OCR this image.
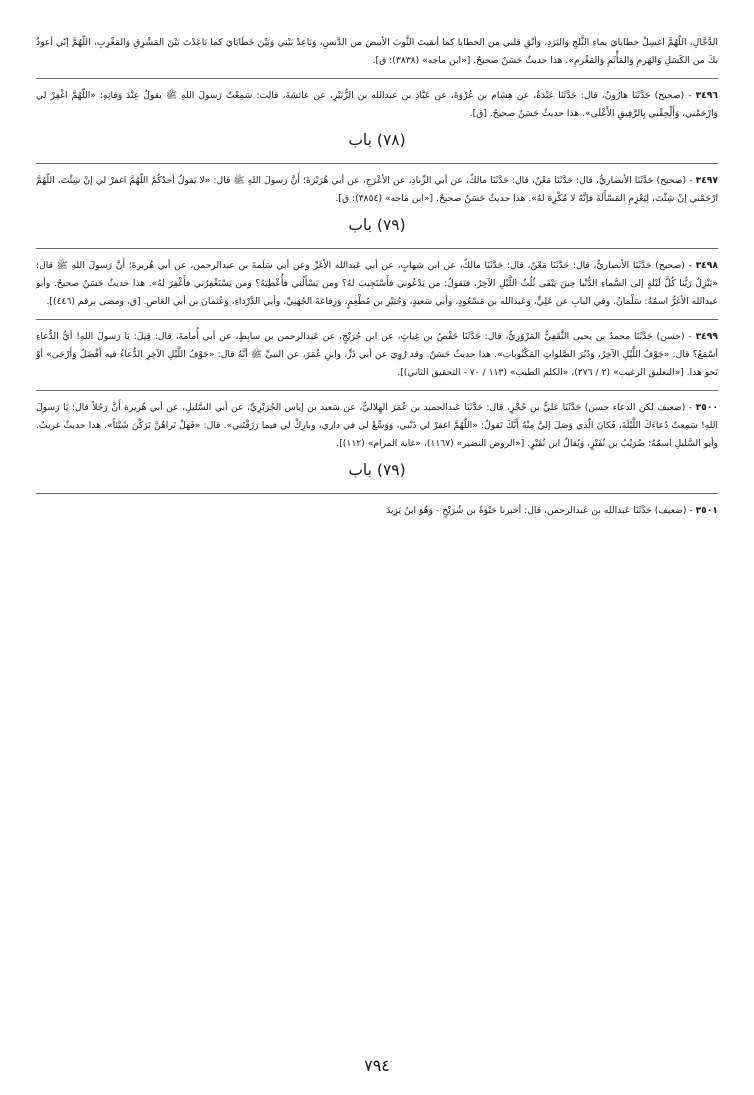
الدَّجَّالِ، اللّهُمَّ اغسِلْ خطايايَ بماءِ الثَّلجِ وَالبَرَدِ، وَأنْقِ قلبي من الخطايا كما أنقيتَ الثَّوبَ الأبيضَ من الدَّنسِ، وَبَاعِدْ بَيْني وَبَيْنَ خَطَايَايَ كما بَاعَدْتَ بَيْنَ المَشْرِقِ وَالمَغْرِبِ، اللّهُمَّ إنّي أعوذُ بكَ من الكَسَلِ وَالهَرمِ وَالمَأْثَمِ وَالمَغْرمِ». هذا حديثٌ حَسَنٌ صحيحٌ. [«ابن ماجه» (٣٨٣٨): ق].

٣٤٩٦ - (صحيح) حَدَّثَنَا هارُونُ، قال: حَدَّثَنَا عَبْدَةُ، عن هِشام بن عُرْوَةَ، عن عَبَّادِ بن عبدالله بن الزُّبَيْرِ، عن عائشةَ، قالت: سَمِعْتُ رَسولَ اللهِ ﷺ يقولُ عِنْدَ وَفاتِهِ: «اللّهُمَّ اغْفِرْ لي وَارْحَمْني، وَأَلْحِقْني بِالرَّفِيقِ الأَعْلَى». هذا حديثٌ حَسَنٌ صحيحٌ. [ق].

(٧٨) باب

٣٤٩٧ - (صحيح) حَدَّثَنَا الأنصاريُّ، قال: حَدَّثَنَا مَعْنٌ، قال: حَدَّثَنَا مالكٌ، عن أبي الزِّنادِ، عن الأعْرَجِ، عن أبي هُرَيْرَةَ؛ أَنَّ رَسولَ اللهِ ﷺ قال: «لا يَقولُ أحدُكُمْ اللّهُمَّ اغفرْ لي إنْ شِئْتَ، اللّهُمَّ ارْحَمْني إنْ شِئْتَ، لِيَعْزِمِ المَسْأَلَةَ فإنَّهُ لا مُكْرِهَ لهُ». هذا حديثٌ حَسَنٌ صحيحٌ. [«ابن ماجه» (٣٨٥٤): ق].

(٧٩) باب

٣٤٩٨ - (صحيح) حَدَّثَنَا الأنصاريُّ، قال: حَدَّثَنَا مَعْنٌ، قال: حَدَّثَنَا مالكٌ، عن ابن شهابٍ، عن أبي عَبدالله الأغَرِّ وعن أبي سَلَمةَ بن عبدالرحمن، عن أبي هُريرةَ؛ أَنَّ رَسولَ اللهِ ﷺ قال: «يَنْزِلُ رَبُّنا كُلَّ لَيْلةٍ إلى السَّماءِ الدُّنْيا حِينَ يَبْقَى ثُلُثُ اللَّيْلِ الآخِرُ، فيَقولُ: من يَدْعُوني فأَسْتَجِيبَ لهُ؟ ومن يَسْأَلُني فأُعْطِيَهُ؟ ومن يَسْتَغْفِرُني فأَغْفِرَ لهُ». هذا حديثٌ حَسَنٌ صحيحٌ. وأبو عبدالله الأغَرُّ اسمُهُ: سَلْمانُ. وفي البابِ عن عَلِيٍّ، وَعَبدالله بن مَسْعُودٍ، وأبي سَعيدٍ، وَجُبَيْرِ بن مُطْعِمٍ، وَرِفاعَةَ الجُهَنِيِّ، وأبي الدَّرْداءِ، وَعُثمانَ بن أبي العَاصِ. [ق، ومضى برقم (٤٤٦)].

٣٤٩٩ - (حسن) حَدَّثَنَا محمدُ بن يحيى الثَّقَفِيُّ المَرْوَزِيُّ، قال: حَدَّثَنَا حَفْصُ بن غِياثٍ، عن ابن جُرَيْجٍ، عن عَبدالرحمن بن سابِطٍ، عن أبي أُمامةَ، قال: قِيلَ: يَا رَسولَ اللهِ! أيُّ الدُّعاءِ أسْمَعُ؟ قال: «جَوْفُ اللَّيْلِ الآخِرُ، وَدُبُرَ الصَّلواتِ المَكْتُوباتِ». هذا حديثٌ حَسَنٌ. وقد رُوِيَ عن أبي ذَرٍّ، وابنِ عُمَرَ، عن النبيِّ ﷺ أنَّهُ قال: «جَوْفُ اللَّيْلِ الآخِرِ الدُّعاءُ فيه أَفْضَلُ وَأَرْجَى» أوْ نَحو هذا. [«التعليق الرغيب» (٢ / ٢٧٦)، «الكلم الطيب» (١١٣ / ٧٠ - التحقيق الثاني)].

٣٥٠٠ - (ضعيف لكن الدعاء حسن) حَدَّثَنَا عَليُّ بن حُجْرٍ، قال: حَدَّثَنَا عَبدالحميد بن عُمَرَ الهِلاليُّ، عن سَعيد بن إياس الجُرَيْرِيِّ، عن أبي السَّليلِ، عن أبي هُريرة أَنَّ رَجُلاً قال: يَا رَسولَ اللهِ! سَمِعتُ دُعاءَكَ اللَّيْلَةَ، فَكانَ الّذي وَصَلَ إليَّ مِنْهُ أَنَّكَ تَقولُ: «اللّهُمَّ اغفرْ لي ذَنْبي، وَوَسِّعْ لي في داري، وبارِكْ لي فيما رَزَقْتَني». قال: «فَهَلْ تَراهُنَّ تَرَكْنَ شَيْئاً». هذا حديثٌ غريبٌ. وأبو السَّليلِ اسمُهُ: ضُرَيْبُ بن نُفَيْرٍ، وَيُقالُ ابن نُقَيْرٍ. [«الروض النضير» (١١٦٧)، «غاية المرام» (١١٢)].

(٧٩) باب

٣٥٠١ - (ضعيف) حَدَّثَنَا عَبدالله بن عَبدالرحمن، قال: أخبرنا حَيْوَةُ بن شُرَيْحٍ - وَهُوَ ابنُ يَزِيدَ

٧٩٤
